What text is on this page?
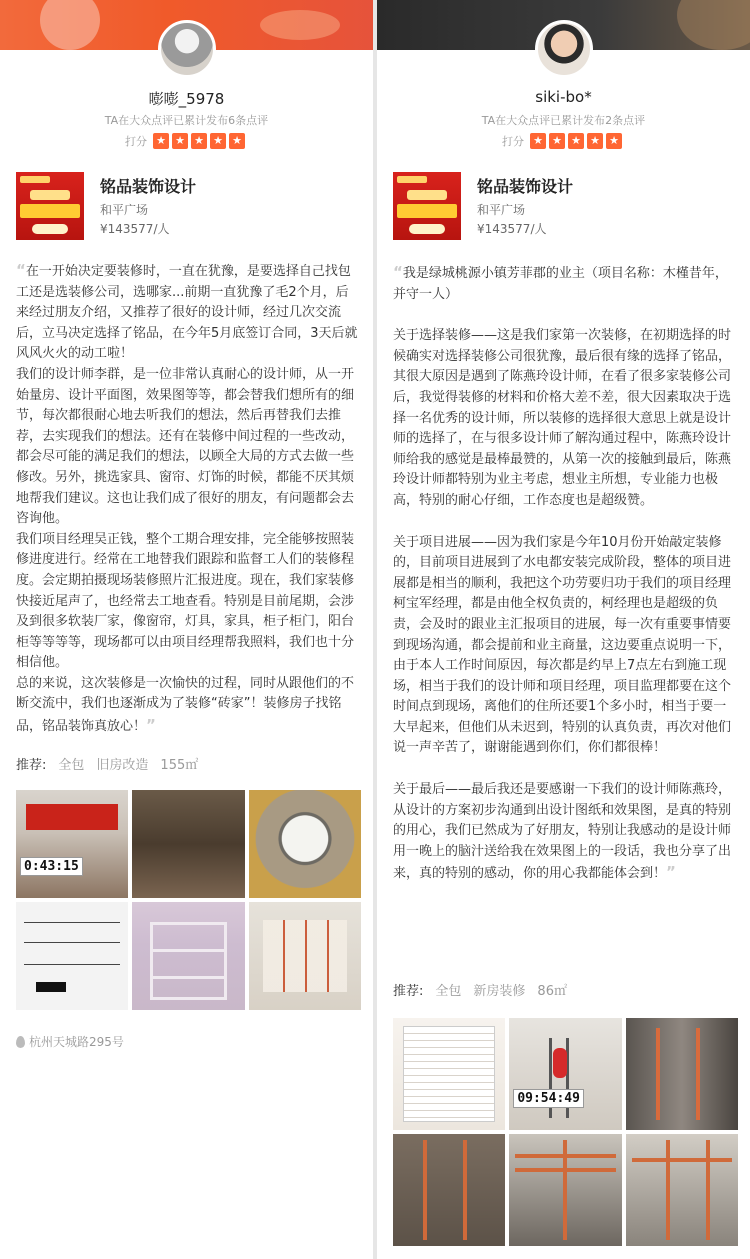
嘭嘭_5978
TA在大众点评已累计发布6条点评
打分 ★ ★ ★ ★ ★
铭品装饰设计
和平广场
¥143577/人

“在一开始决定要装修时，一直在犹豫，是要选择自己找包工还是选装修公司，选哪家...前期一直犹豫了毛2个月，后来经过朋友介绍，又推荐了很好的设计师，经过几次交流后，立马决定选择了铭品，在今年5月底签订合同，3天后就风风火火的动工啦！

我们的设计师李群，是一位非常认真耐心的设计师，从一开始量房、设计平面图，效果图等等，都会替我们想所有的细节，每次都很耐心地去听我们的想法，然后再替我们去推荐，去实现我们的想法。还有在装修中间过程的一些改动，都会尽可能的满足我们的想法，以顾全大局的方式去做一些修改。另外，挑选家具、窗帘、灯饰的时候，都能不厌其烦地帮我们建议。这也让我们成了很好的朋友，有问题都会去咨询他。

我们项目经理吴正钱，整个工期合理安排，完全能够按照装修进度进行。经常在工地替我们跟踪和监督工人们的装修程度。会定期拍摄现场装修照片汇报进度。现在，我们家装修快接近尾声了，也经常去工地查看。特别是目前尾期，会涉及到很多软装厂家，像窗帘，灯具，家具，柜子柜门，阳台柜等等等等，现场都可以由项目经理帮我照料，我们也十分相信他。

总的来说，这次装修是一次愉快的过程，同时从跟他们的不断交流中，我们也逐渐成为了装修“砖家”！装修房子找铭品，铭品装饰真放心！”

推荐: 全包 旧房改造 155㎡
0:43:15
杭州天城路295号
siki-bo*
TA在大众点评已累计发布2条点评
打分 ★ ★ ★ ★ ★
铭品装饰设计
和平广场
¥143577/人

“我是绿城桃源小镇芳菲郡的业主（项目名称：木槿昔年，并守一人）

关于选择装修——这是我们家第一次装修，在初期选择的时候确实对选择装修公司很犹豫，最后很有缘的选择了铭品，其很大原因是遇到了陈燕玲设计师，在看了很多家装修公司后，我觉得装修的材料和价格大差不差，很大因素取决于选择一名优秀的设计师，所以装修的选择很大意思上就是设计师的选择了，在与很多设计师了解沟通过程中，陈燕玲设计师给我的感觉是最棒最赞的，从第一次的接触到最后，陈燕玲设计师都特别为业主考虑，想业主所想，专业能力也极高，特别的耐心仔细，工作态度也是超级赞。

关于项目进展——因为我们家是今年10月份开始敲定装修的，目前项目进展到了水电都安装完成阶段，整体的项目进展都是相当的顺利，我把这个功劳要归功于我们的项目经理柯宝军经理，都是由他全权负责的，柯经理也是超级的负责，会及时的跟业主汇报项目的进展，每一次有重要事情要到现场沟通，都会提前和业主商量，这边要重点说明一下，由于本人工作时间原因，每次都是约早上7点左右到施工现场，相当于我们的设计师和项目经理，项目监理都要在这个时间点到现场，离他们的住所还要1个多小时，相当于要一大早起来，但他们从未迟到，特别的认真负责，再次对他们说一声辛苦了，谢谢能遇到你们，你们都很棒！

关于最后——最后我还是要感谢一下我们的设计师陈燕玲，从设计的方案初步沟通到出设计图纸和效果图，是真的特别的用心，我们已然成为了好朋友，特别让我感动的是设计师用一晚上的脑汁送给我在效果图上的一段话，我也分享了出来，真的特别的感动，你的用心我都能体会到！”

推荐: 全包 新房装修 86㎡
09:54:49
